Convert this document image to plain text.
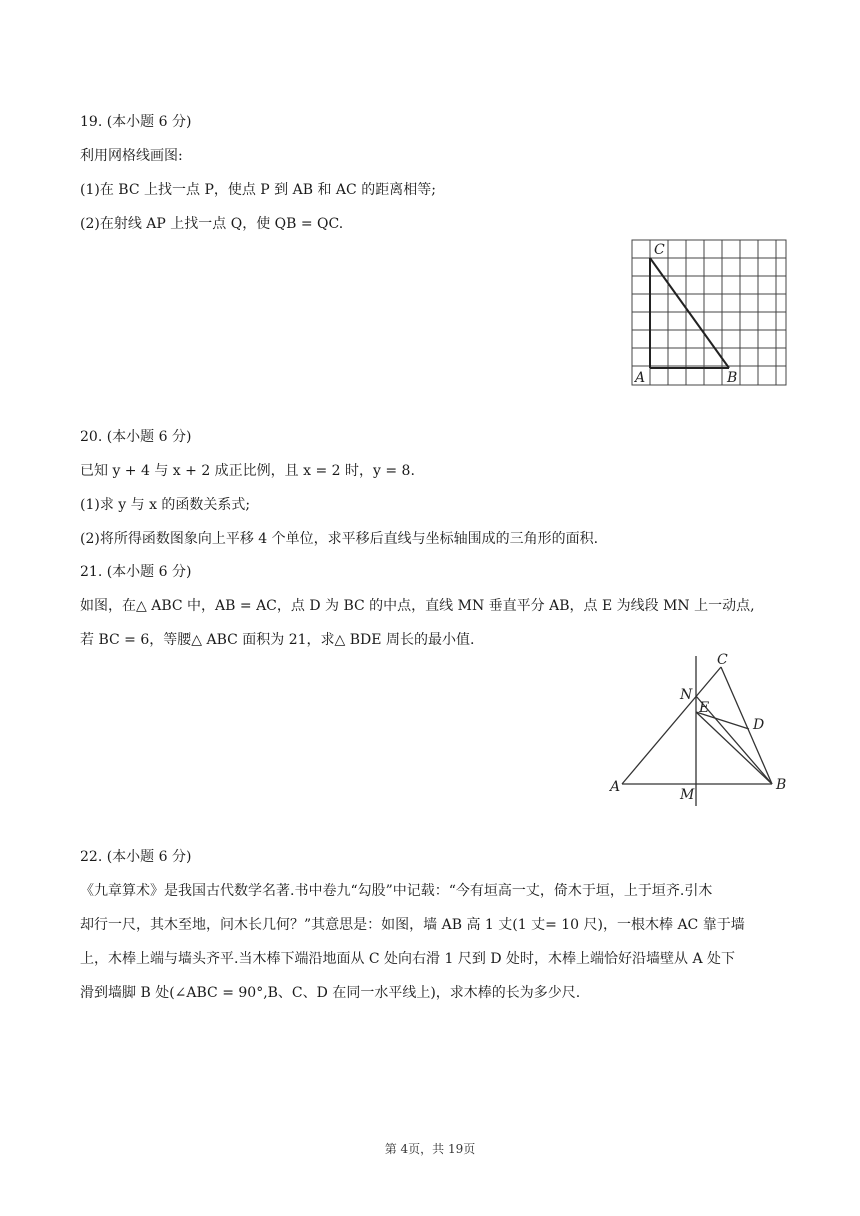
19. (本小题 6 分)
利用网格线画图:
(1)在 BC 上找一点 P，使点 P 到 AB 和 AC 的距离相等;
(2)在射线 AP 上找一点 Q，使 QB = QC.
C
A	B
20. (本小题 6 分)
已知 y + 4 与 x + 2 成正比例，且 x = 2 时，y = 8.
(1)求 y 与 x 的函数关系式;
(2)将所得函数图象向上平移 4 个单位，求平移后直线与坐标轴围成的三角形的面积.
21. (本小题 6 分)
如图，在△ ABC 中，AB = AC，点 D 为 BC 的中点，直线 MN 垂直平分 AB，点 E 为线段 MN 上一动点,
若 BC = 6，等腰△ ABC 面积为 21，求△ BDE 周长的最小值.
A	B
C
D
E
M
N
22. (本小题 6 分)
《九章算术》是我国古代数学名著.书中卷九“勾股”中记载：“今有垣高一丈，倚木于垣，上于垣齐.引木
却行一尺，其木至地，问木长几何？”其意思是：如图，墙 AB 高 1 丈(1 丈= 10 尺)，一根木棒 AC 靠于墙
上，木棒上端与墙头齐平.当木棒下端沿地面从 C 处向右滑 1 尺到 D 处时，木棒上端恰好沿墙壁从 A 处下
滑到墙脚 B 处(∠ABC = 90°,B、C、D 在同一水平线上)，求木棒的长为多少尺.
第 4页，共 19页
